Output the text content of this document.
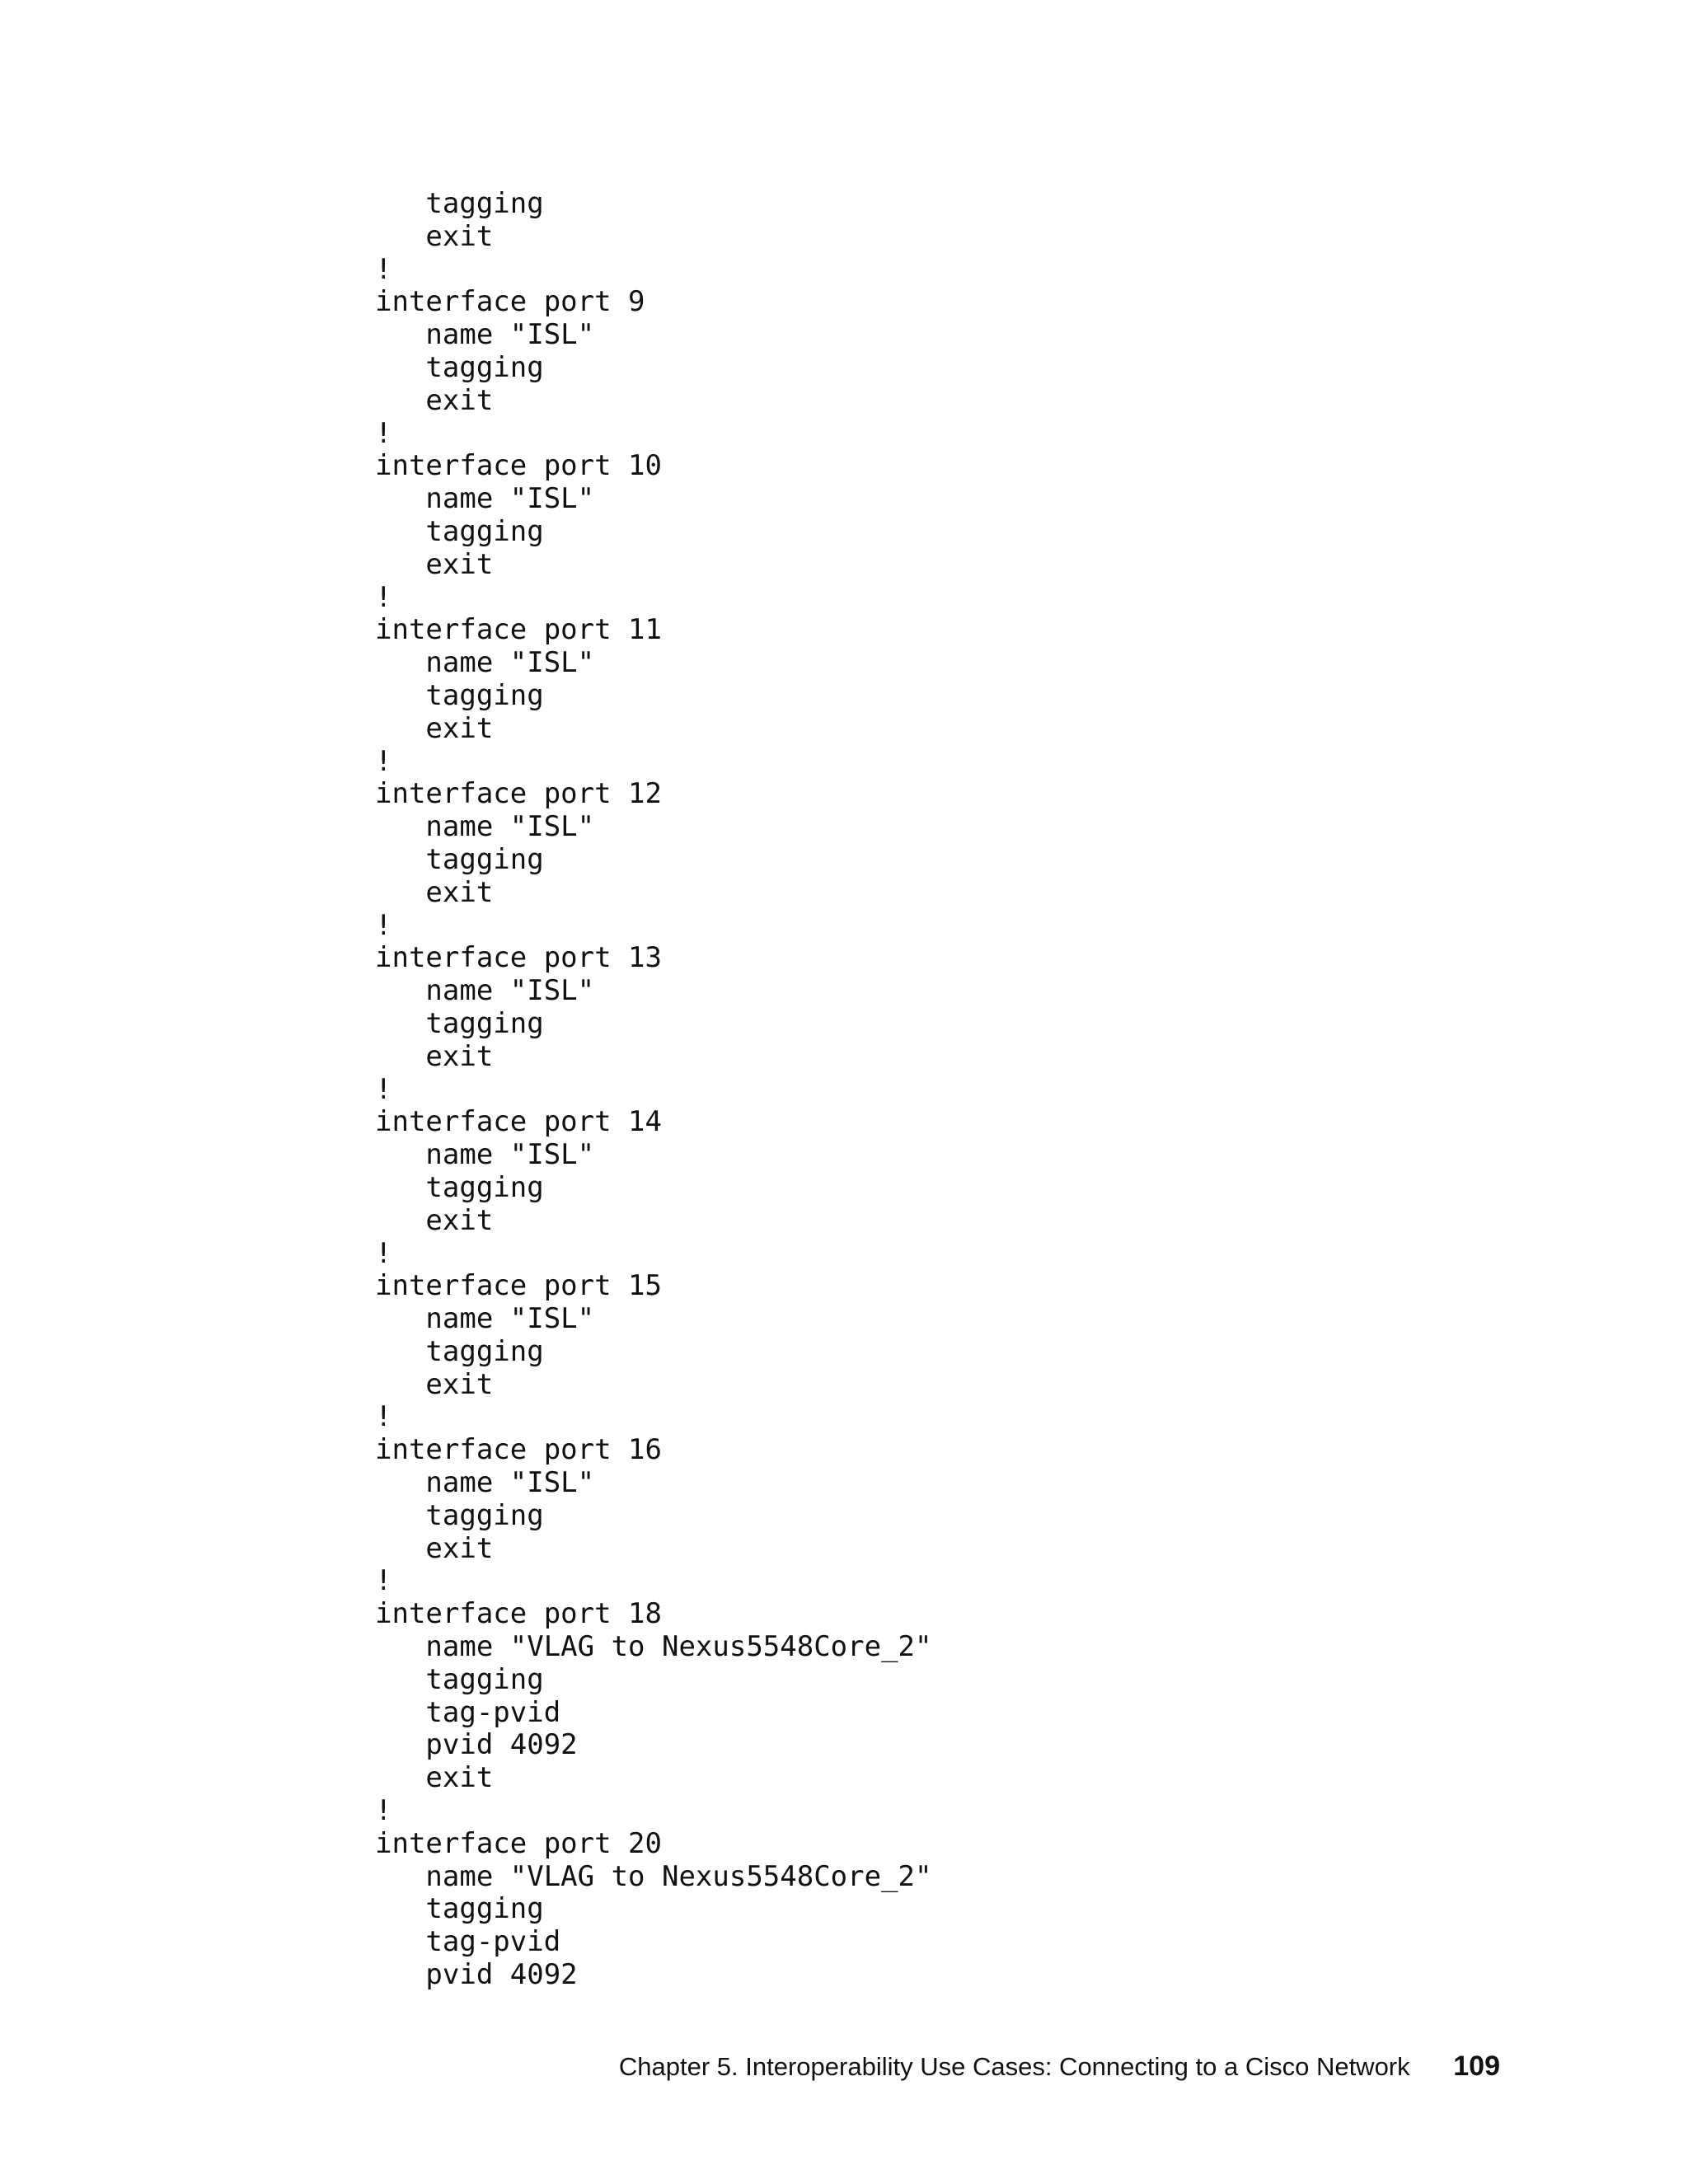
tagging
exit
!
interface port 9
name "ISL"
tagging
exit
!
interface port 10
name "ISL"
tagging
exit
!
interface port 11
name "ISL"
tagging
exit
!
interface port 12
name "ISL"
tagging
exit
!
interface port 13
name "ISL"
tagging
exit
!
interface port 14
name "ISL"
tagging
exit
!
interface port 15
name "ISL"
tagging
exit
!
interface port 16
name "ISL"
tagging
exit
!
interface port 18
name "VLAG to Nexus5548Core_2"
tagging
tag-pvid
pvid 4092
exit
!
interface port 20
name "VLAG to Nexus5548Core_2"
tagging
tag-pvid
pvid 4092
Chapter 5. Interoperability Use Cases: Connecting to a Cisco Network 109
